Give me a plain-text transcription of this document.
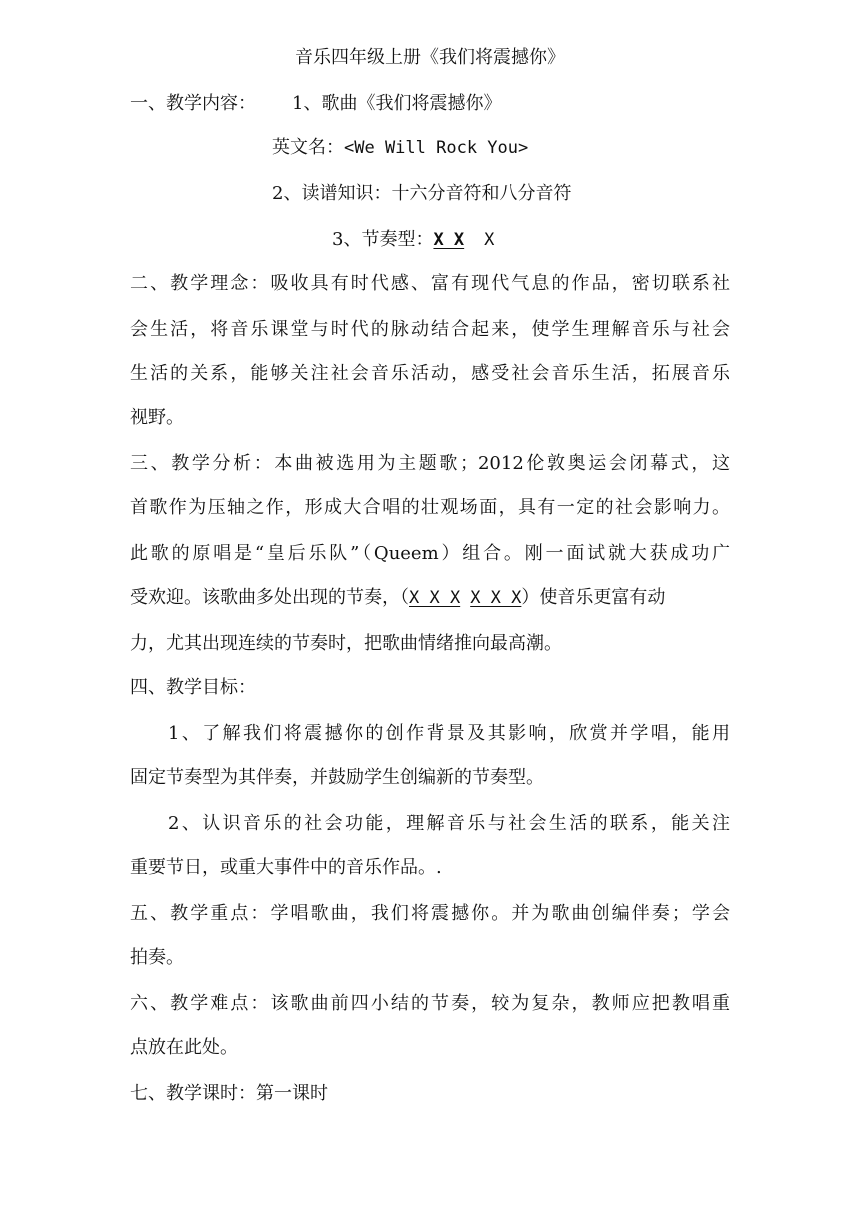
音乐四年级上册《我们将震撼你》
一、教学内容： 1、歌曲《我们将震撼你》
英文名：<We Will Rock You>
2、读谱知识：十六分音符和八分音符
3、节奏型：X X X
二、教学理念：吸收具有时代感、富有现代气息的作品，密切联系社
会生活，将音乐课堂与时代的脉动结合起来，使学生理解音乐与社会
生活的关系，能够关注社会音乐活动，感受社会音乐生活，拓展音乐
视野。
三、教学分析：本曲被选用为主题歌；2012伦敦奥运会闭幕式，这
首歌作为压轴之作，形成大合唱的壮观场面，具有一定的社会影响力。
此歌的原唱是“皇后乐队”（Queem）组合。刚一面试就大获成功广
受欢迎。该歌曲多处出现的节奏，（X X X X X X）使音乐更富有动
力，尤其出现连续的节奏时，把歌曲情绪推向最高潮。
四、教学目标：
1、了解我们将震撼你的创作背景及其影响，欣赏并学唱，能用
固定节奏型为其伴奏，并鼓励学生创编新的节奏型。
2、认识音乐的社会功能，理解音乐与社会生活的联系，能关注
重要节日，或重大事件中的音乐作品。.
五、教学重点：学唱歌曲，我们将震撼你。并为歌曲创编伴奏；学会
拍奏。
六、教学难点：该歌曲前四小结的节奏，较为复杂，教师应把教唱重
点放在此处。
七、教学课时：第一课时
